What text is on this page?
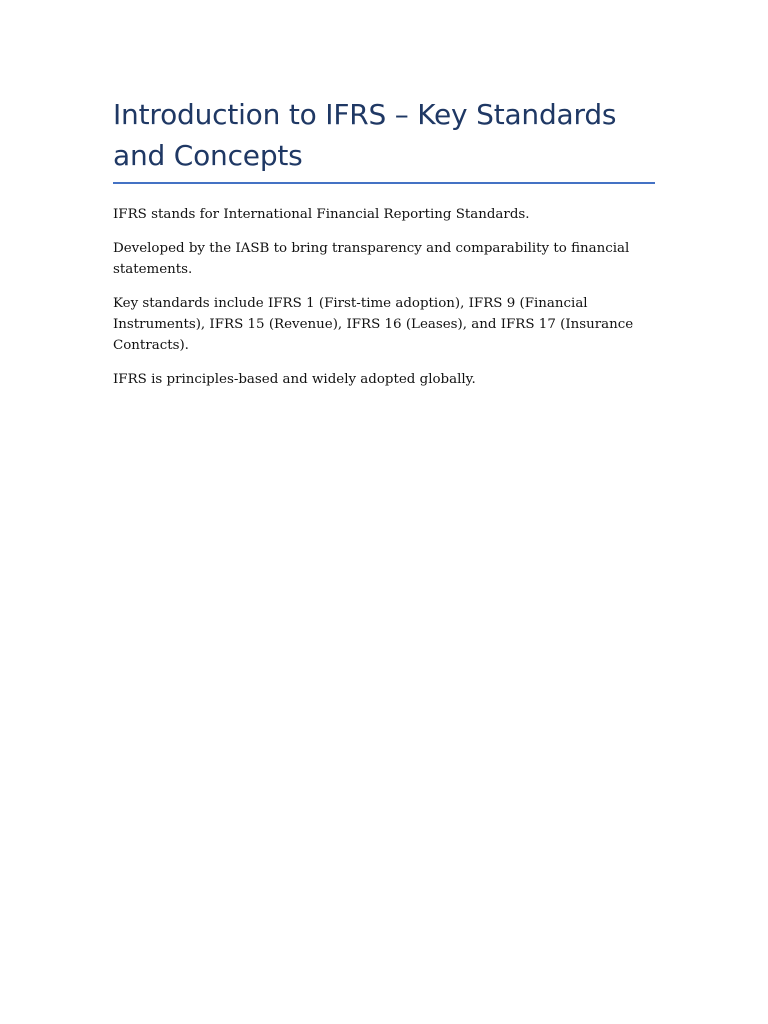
Introduction to IFRS – Key Standards and Concepts

IFRS stands for International Financial Reporting Standards.

Developed by the IASB to bring transparency and comparability to financial statements.

Key standards include IFRS 1 (First-time adoption), IFRS 9 (Financial Instruments), IFRS 15 (Revenue), IFRS 16 (Leases), and IFRS 17 (Insurance Contracts).

IFRS is principles-based and widely adopted globally.
